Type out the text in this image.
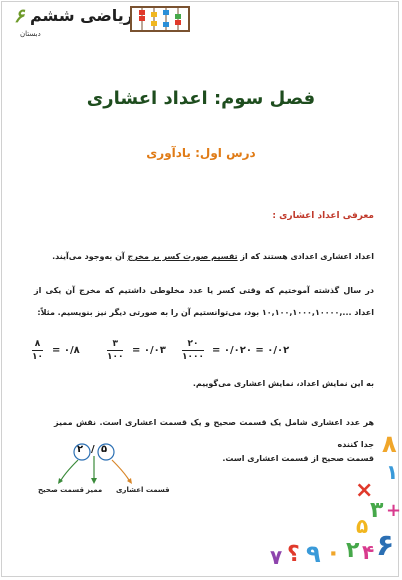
۶ ریاضی ششم
دبستان
فصل سوم: اعداد اعشاری
درس اول: یادآوری
معرفی اعداد اعشاری :
اعداد اعشاری اعدادی هستند که از تقسیم صورت کسر بر مخرج آن به‌وجود می‌آیند.
در سال گذشته آموختیم که وقتی کسر یا عدد مخلوطی داشتیم که مخرج آن یکی از اعداد ...,۱۰,۱۰۰,۱۰۰۰,۱۰۰۰۰ بود، می‌توانستیم آن را به صورتی دیگر نیز بنویسیم. مثلاً:
= ۰/۰۲۰ = ۰/۰۲
۲۰
۱۰۰۰
= ۰/۰۳
۳
۱۰۰
= ۰/۸
۸
۱۰
به این نمایش اعداد، نمایش اعشاری می‌گوییم.
هر عدد اعشاری شامل یک قسمت صحیح و یک قسمت اعشاری است. نقش ممیز جدا کننده
قسمت صحیح از قسمت اعشاری است.
۲ / ۵
قسمت صحیح ممیز قسمت اعشاری
۸
۱
×
۳ +
۵
۷ ؟ ۹ ۰ ۲ ۴ ۶
